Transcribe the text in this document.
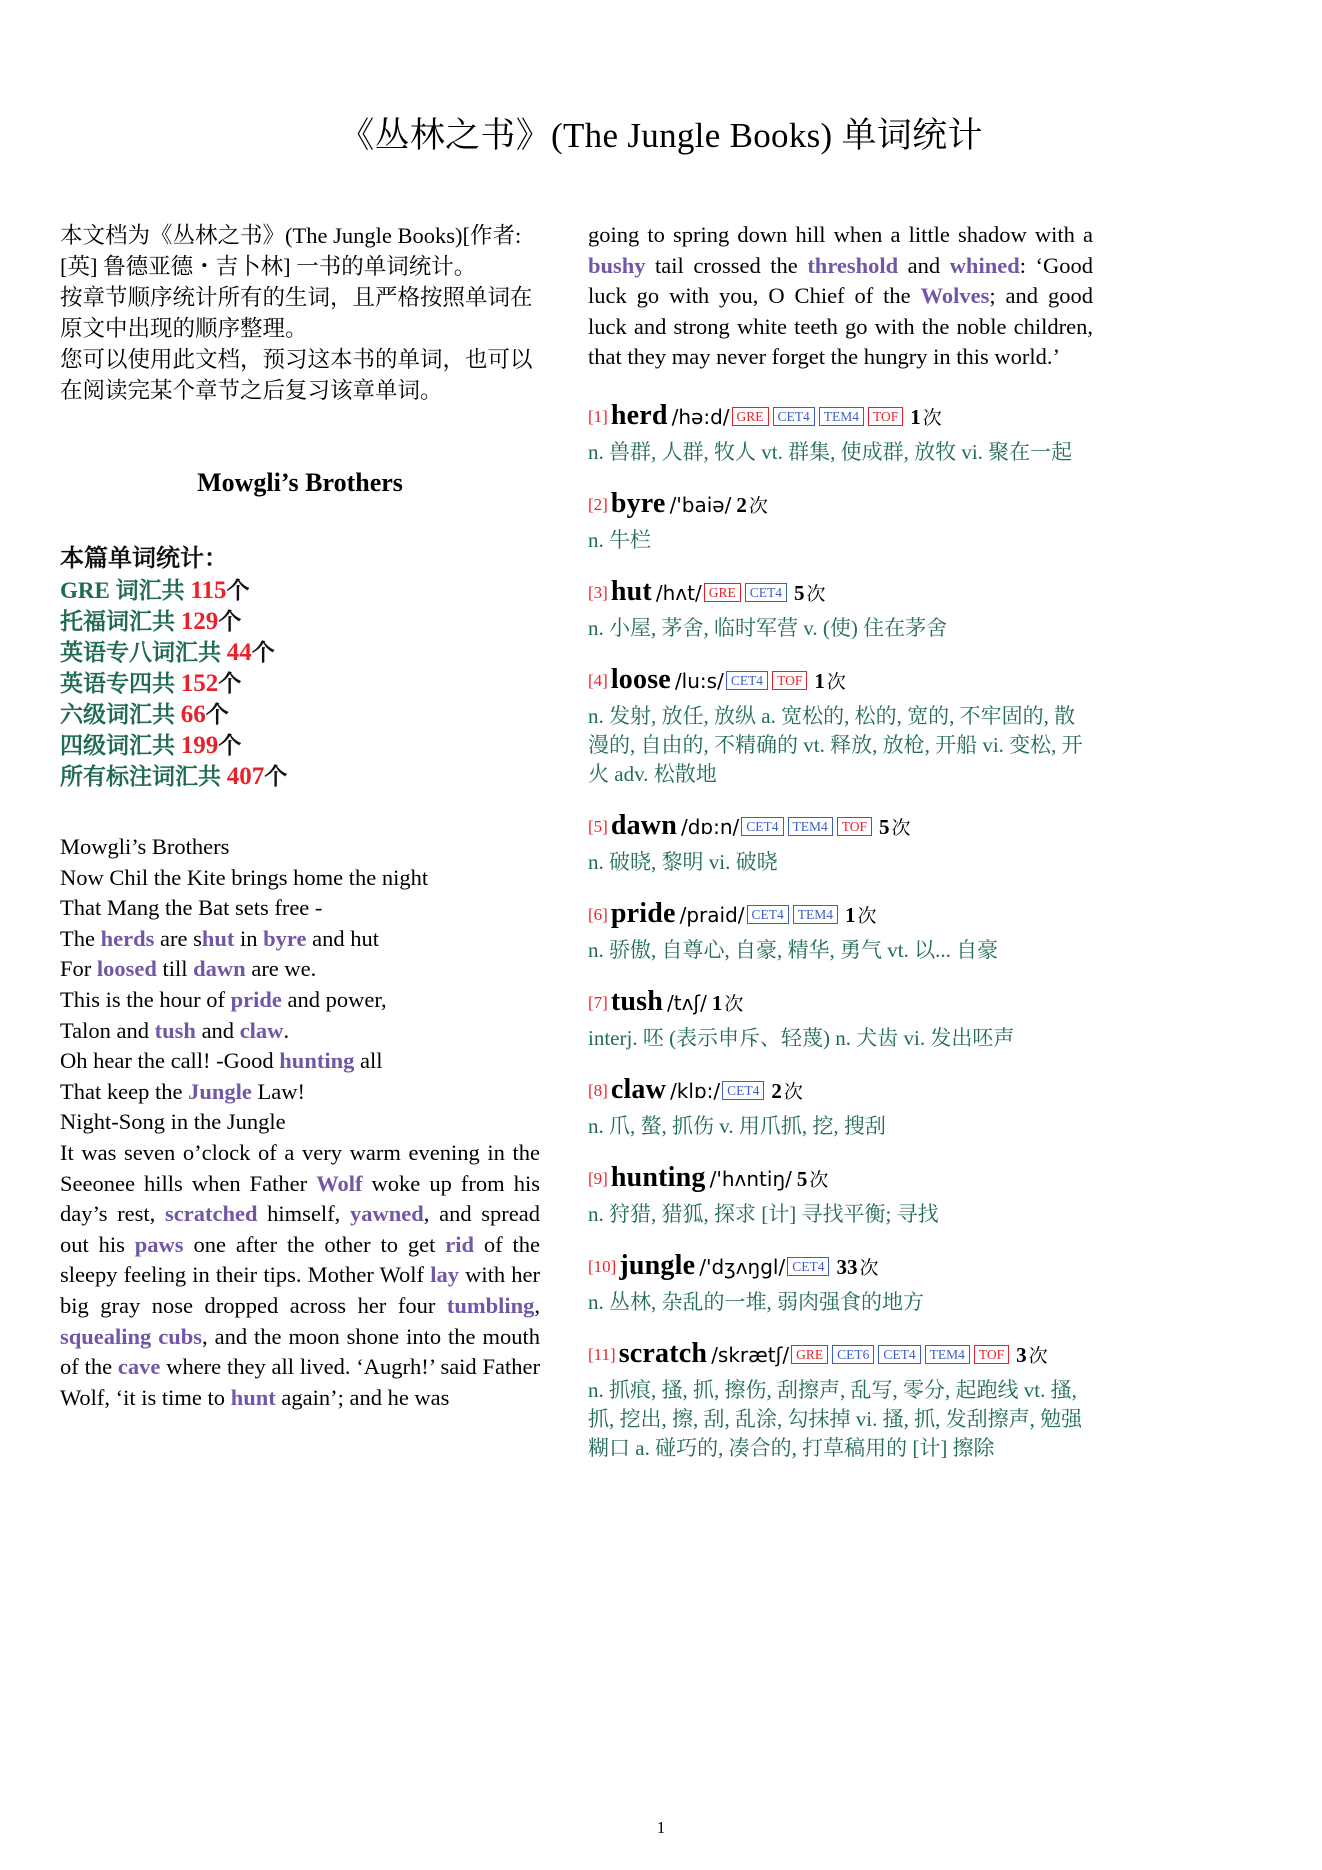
《丛林之书》(The Jungle Books) 单词统计
本文档为《丛林之书》(The Jungle Books)[作者:
[英] 鲁德亚德・吉卜林] 一书的单词统计。
按章节顺序统计所有的生词，且严格按照单词在
原文中出现的顺序整理。
您可以使用此文档，预习这本书的单词，也可以
在阅读完某个章节之后复习该章单词。
Mowgli’s Brothers
本篇单词统计：
GRE 词汇共 115个
托福词汇共 129个
英语专八词汇共 44个
英语专四共 152个
六级词汇共 66个
四级词汇共 199个
所有标注词汇共 407个
Mowgli’s Brothers
Now Chil the Kite brings home the night
That Mang the Bat sets free ‐
The herds are shut in byre and hut
For loosed till dawn are we.
This is the hour of pride and power,
Talon and tush and claw.
Oh hear the call! ‐Good hunting all
That keep the Jungle Law!
Night-Song in the Jungle
It was seven o’clock of a very warm evening in the Seeonee hills when Father Wolf woke up from his day’s rest, scratched himself, yawned, and spread out his paws one after the other to get rid of the sleepy feeling in their tips. Mother Wolf lay with her big gray nose dropped across her four tumbling, squealing cubs, and the moon shone into the mouth of the cave where they all lived. ‘Augrh!’ said Father Wolf, ‘it is time to hunt again’; and he was
going to spring down hill when a little shadow with a bushy tail crossed the threshold and whined: ‘Good luck go with you, O Chief of the Wolves; and good luck and strong white teeth go with the noble children, that they may never forget the hungry in this world.’
[1] herd /hə:d/ GRE CET4 TEM4 TOF 1 次
n. 兽群, 人群, 牧人 vt. 群集, 使成群, 放牧 vi. 聚在一起
[2] byre /'baiə/ 2 次
n. 牛栏
[3] hut /hʌt/ GRE CET4 5 次
n. 小屋, 茅舍, 临时军营 v. (使) 住在茅舍
[4] loose /lu:s/ CET4 TOF 1 次
n. 发射, 放任, 放纵 a. 宽松的, 松的, 宽的, 不牢固的, 散漫的, 自由的, 不精确的 vt. 释放, 放枪, 开船 vi. 变松, 开火 adv. 松散地
[5] dawn /dɒ:n/ CET4 TEM4 TOF 5 次
n. 破晓, 黎明 vi. 破晓
[6] pride /praid/ CET4 TEM4 1 次
n. 骄傲, 自尊心, 自豪, 精华, 勇气 vt. 以... 自豪
[7] tush /tʌʃ/ 1 次
interj. 呸 (表示申斥、轻蔑) n. 犬齿 vi. 发出呸声
[8] claw /klɒ:/ CET4 2 次
n. 爪, 螯, 抓伤 v. 用爪抓, 挖, 搜刮
[9] hunting /'hʌntiŋ/ 5 次
n. 狩猎, 猎狐, 探求 [计] 寻找平衡; 寻找
[10] jungle /'dʒʌŋgl/ CET4 33 次
n. 丛林, 杂乱的一堆, 弱肉强食的地方
[11] scratch /skrætʃ/ GRE CET6 CET4 TEM4 TOF 3 次
n. 抓痕, 搔, 抓, 擦伤, 刮擦声, 乱写, 零分, 起跑线 vt. 搔, 抓, 挖出, 擦, 刮, 乱涂, 勾抹掉 vi. 搔, 抓, 发刮擦声, 勉强糊口 a. 碰巧的, 凑合的, 打草稿用的 [计] 擦除
1
